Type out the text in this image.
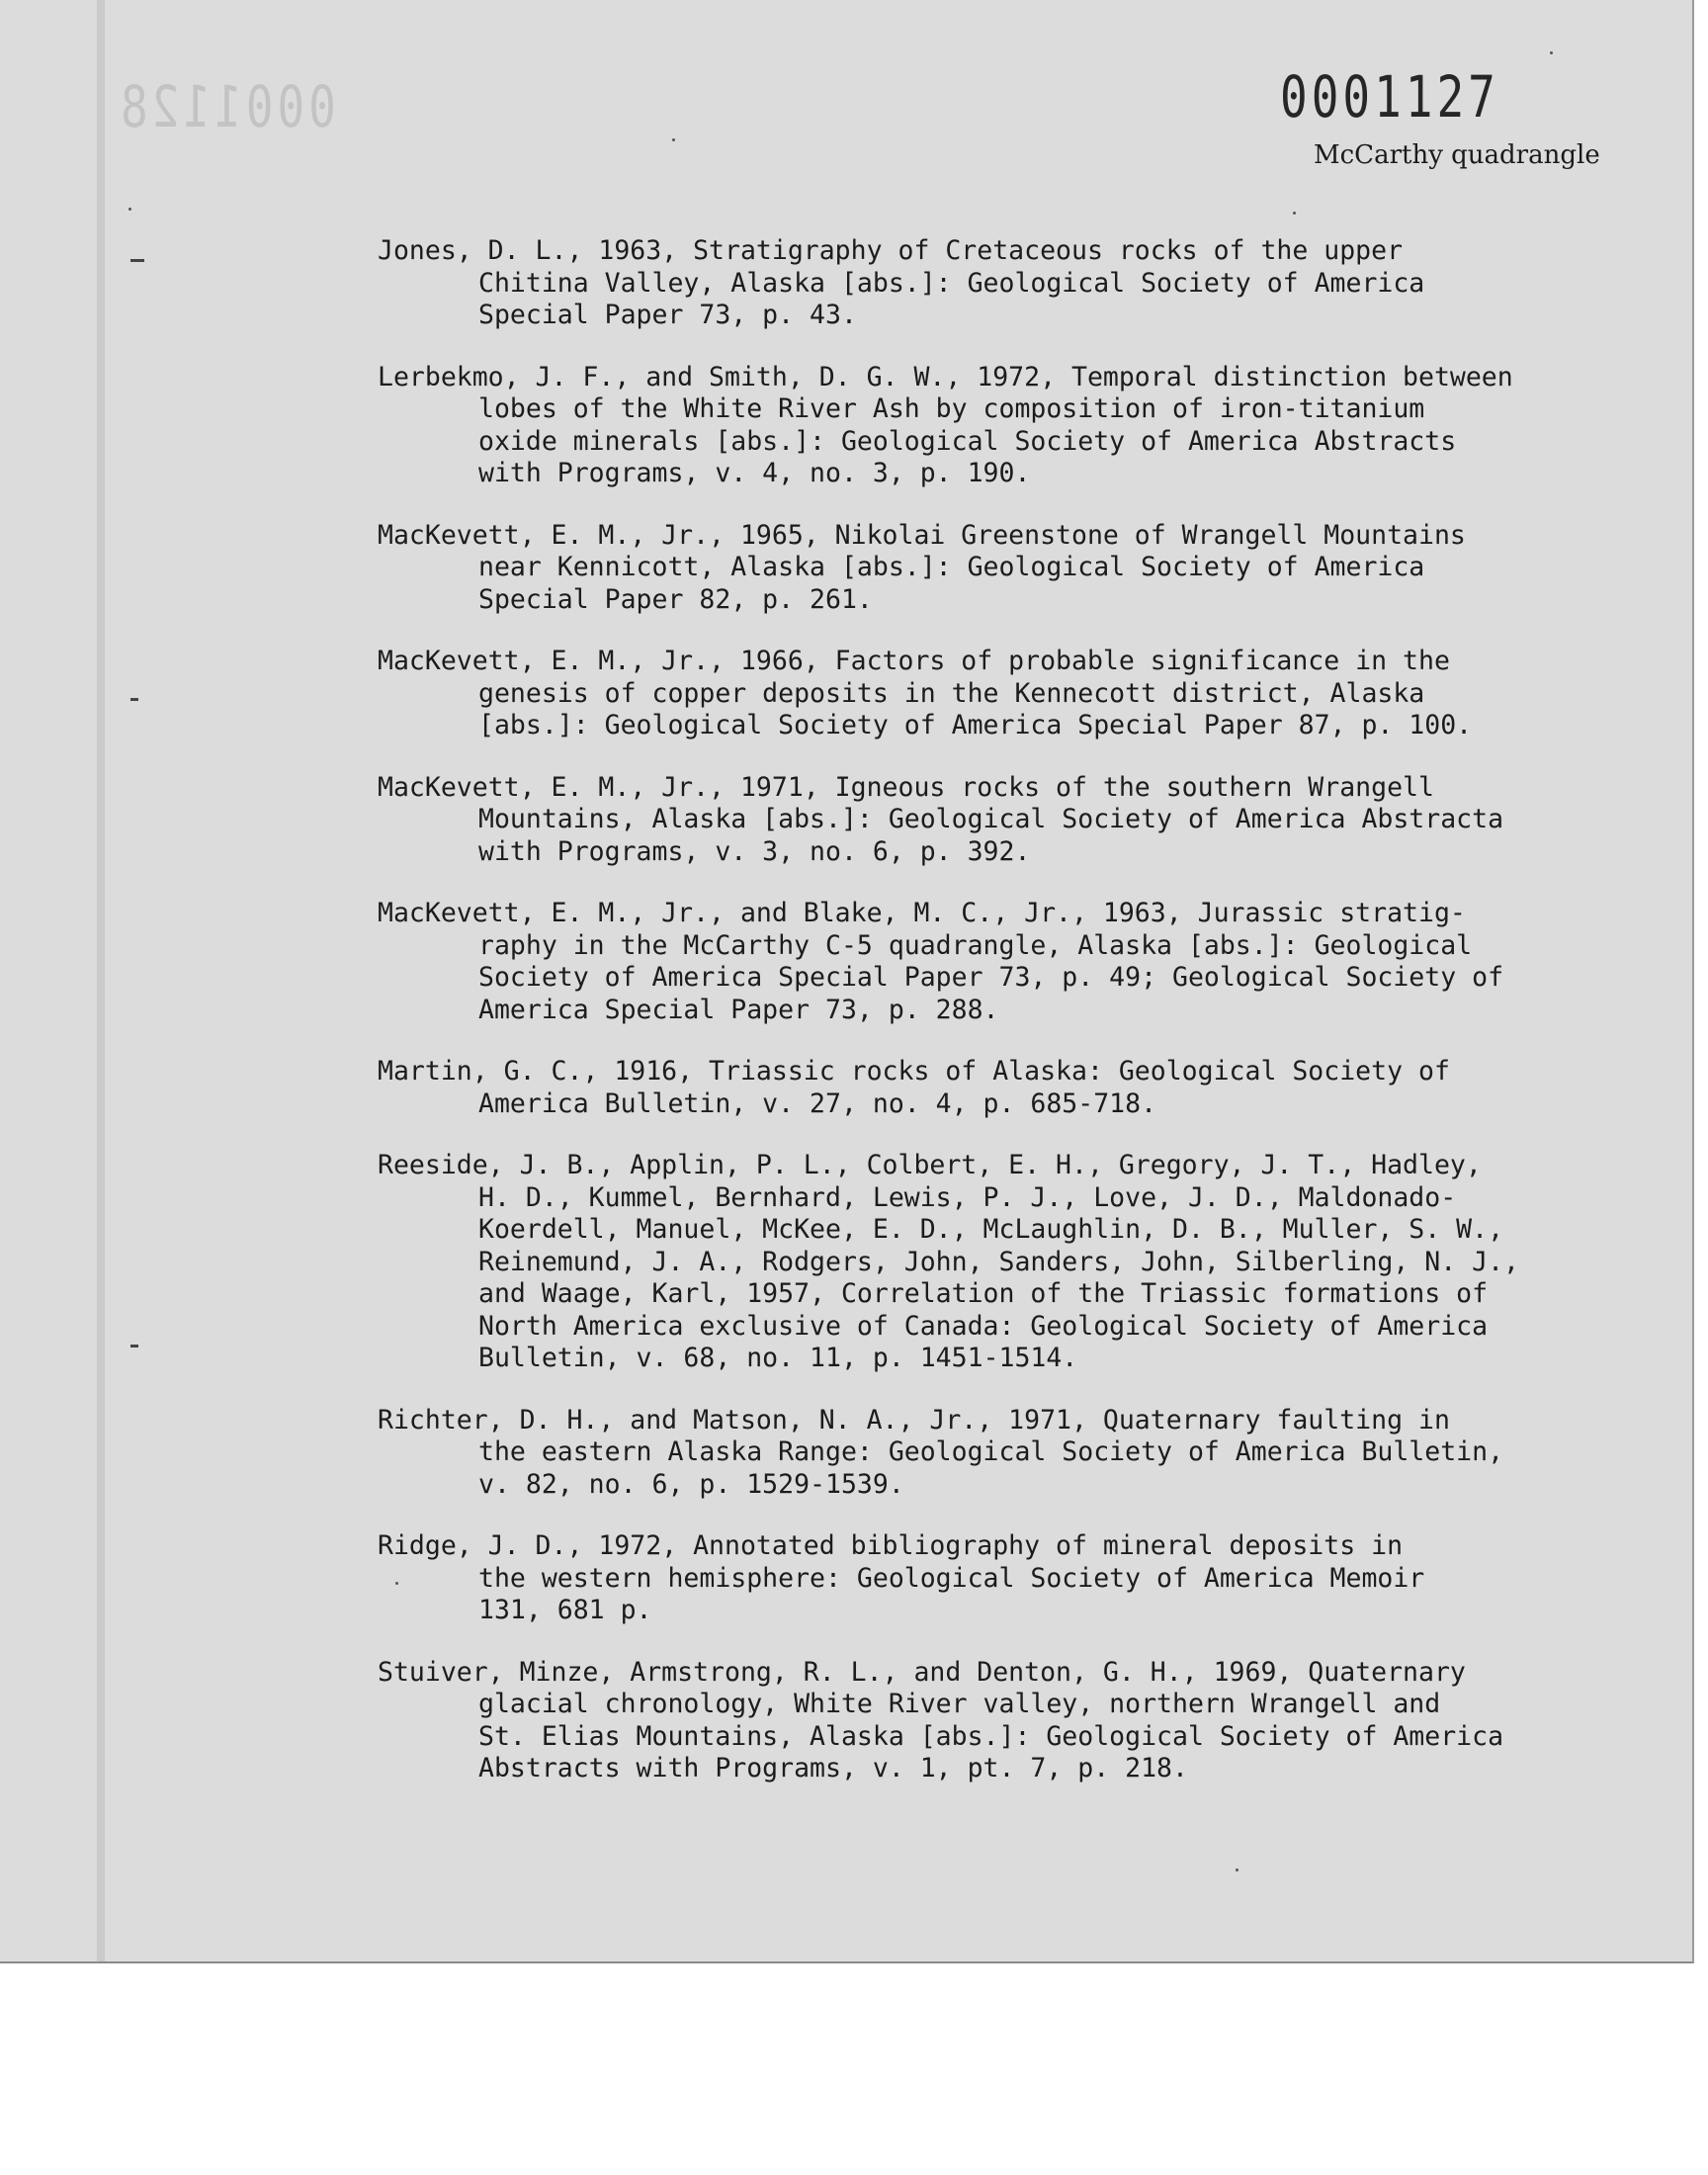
0001128	0001127
McCarthy quadrangle

Jones, D. L., 1963, Stratigraphy of Cretaceous rocks of the upper
Chitina Valley, Alaska [abs.]: Geological Society of America
Special Paper 73, p. 43.

Lerbekmo, J. F., and Smith, D. G. W., 1972, Temporal distinction between
lobes of the White River Ash by composition of iron-titanium
oxide minerals [abs.]: Geological Society of America Abstracts
with Programs, v. 4, no. 3, p. 190.

MacKevett, E. M., Jr., 1965, Nikolai Greenstone of Wrangell Mountains
near Kennicott, Alaska [abs.]: Geological Society of America
Special Paper 82, p. 261.

MacKevett, E. M., Jr., 1966, Factors of probable significance in the
genesis of copper deposits in the Kennecott district, Alaska
[abs.]: Geological Society of America Special Paper 87, p. 100.

MacKevett, E. M., Jr., 1971, Igneous rocks of the southern Wrangell
Mountains, Alaska [abs.]: Geological Society of America Abstracta
with Programs, v. 3, no. 6, p. 392.

MacKevett, E. M., Jr., and Blake, M. C., Jr., 1963, Jurassic stratig-
raphy in the McCarthy C-5 quadrangle, Alaska [abs.]: Geological
Society of America Special Paper 73, p. 49; Geological Society of
America Special Paper 73, p. 288.

Martin, G. C., 1916, Triassic rocks of Alaska: Geological Society of
America Bulletin, v. 27, no. 4, p. 685-718.

Reeside, J. B., Applin, P. L., Colbert, E. H., Gregory, J. T., Hadley,
H. D., Kummel, Bernhard, Lewis, P. J., Love, J. D., Maldonado-
Koerdell, Manuel, McKee, E. D., McLaughlin, D. B., Muller, S. W.,
Reinemund, J. A., Rodgers, John, Sanders, John, Silberling, N. J.,
and Waage, Karl, 1957, Correlation of the Triassic formations of
North America exclusive of Canada: Geological Society of America
Bulletin, v. 68, no. 11, p. 1451-1514.

Richter, D. H., and Matson, N. A., Jr., 1971, Quaternary faulting in
the eastern Alaska Range: Geological Society of America Bulletin,
v. 82, no. 6, p. 1529-1539.

Ridge, J. D., 1972, Annotated bibliography of mineral deposits in
the western hemisphere: Geological Society of America Memoir
131, 681 p.

Stuiver, Minze, Armstrong, R. L., and Denton, G. H., 1969, Quaternary
glacial chronology, White River valley, northern Wrangell and
St. Elias Mountains, Alaska [abs.]: Geological Society of America
Abstracts with Programs, v. 1, pt. 7, p. 218.
